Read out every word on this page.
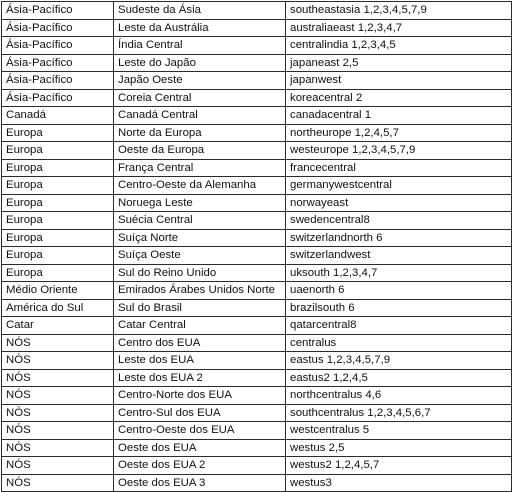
Ásia-Pacífico	Sudeste da Ásia	southeastasia 1,2,3,4,5,7,9
Ásia-Pacífico	Leste da Austrália	australiaeast 1,2,3,4,7
Ásia-Pacífico	Índia Central	centralindia 1,2,3,4,5
Ásia-Pacífico	Leste do Japão	japaneast 2,5
Ásia-Pacífico	Japão Oeste	japanwest
Ásia-Pacífico	Coreia Central	koreacentral 2
Canadá	Canadá Central	canadacentral 1
Europa	Norte da Europa	northeurope 1,2,4,5,7
Europa	Oeste da Europa	westeurope 1,2,3,4,5,7,9
Europa	França Central	francecentral
Europa	Centro-Oeste da Alemanha	germanywestcentral
Europa	Noruega Leste	norwayeast
Europa	Suécia Central	swedencentral8
Europa	Suíça Norte	switzerlandnorth 6
Europa	Suíça Oeste	switzerlandwest
Europa	Sul do Reino Unido	uksouth 1,2,3,4,7
Médio Oriente	Emirados Árabes Unidos Norte	uaenorth 6
América do Sul	Sul do Brasil	brazilsouth 6
Catar	Catar Central	qatarcentral8
NÓS	Centro dos EUA	centralus
NÓS	Leste dos EUA	eastus 1,2,3,4,5,7,9
NÓS	Leste dos EUA 2	eastus2 1,2,4,5
NÓS	Centro-Norte dos EUA	northcentralus 4,6
NÓS	Centro-Sul dos EUA	southcentralus 1,2,3,4,5,6,7
NÓS	Centro-Oeste dos EUA	westcentralus 5
NÓS	Oeste dos EUA	westus 2,5
NÓS	Oeste dos EUA 2	westus2 1,2,4,5,7
NÓS	Oeste dos EUA 3	westus3
